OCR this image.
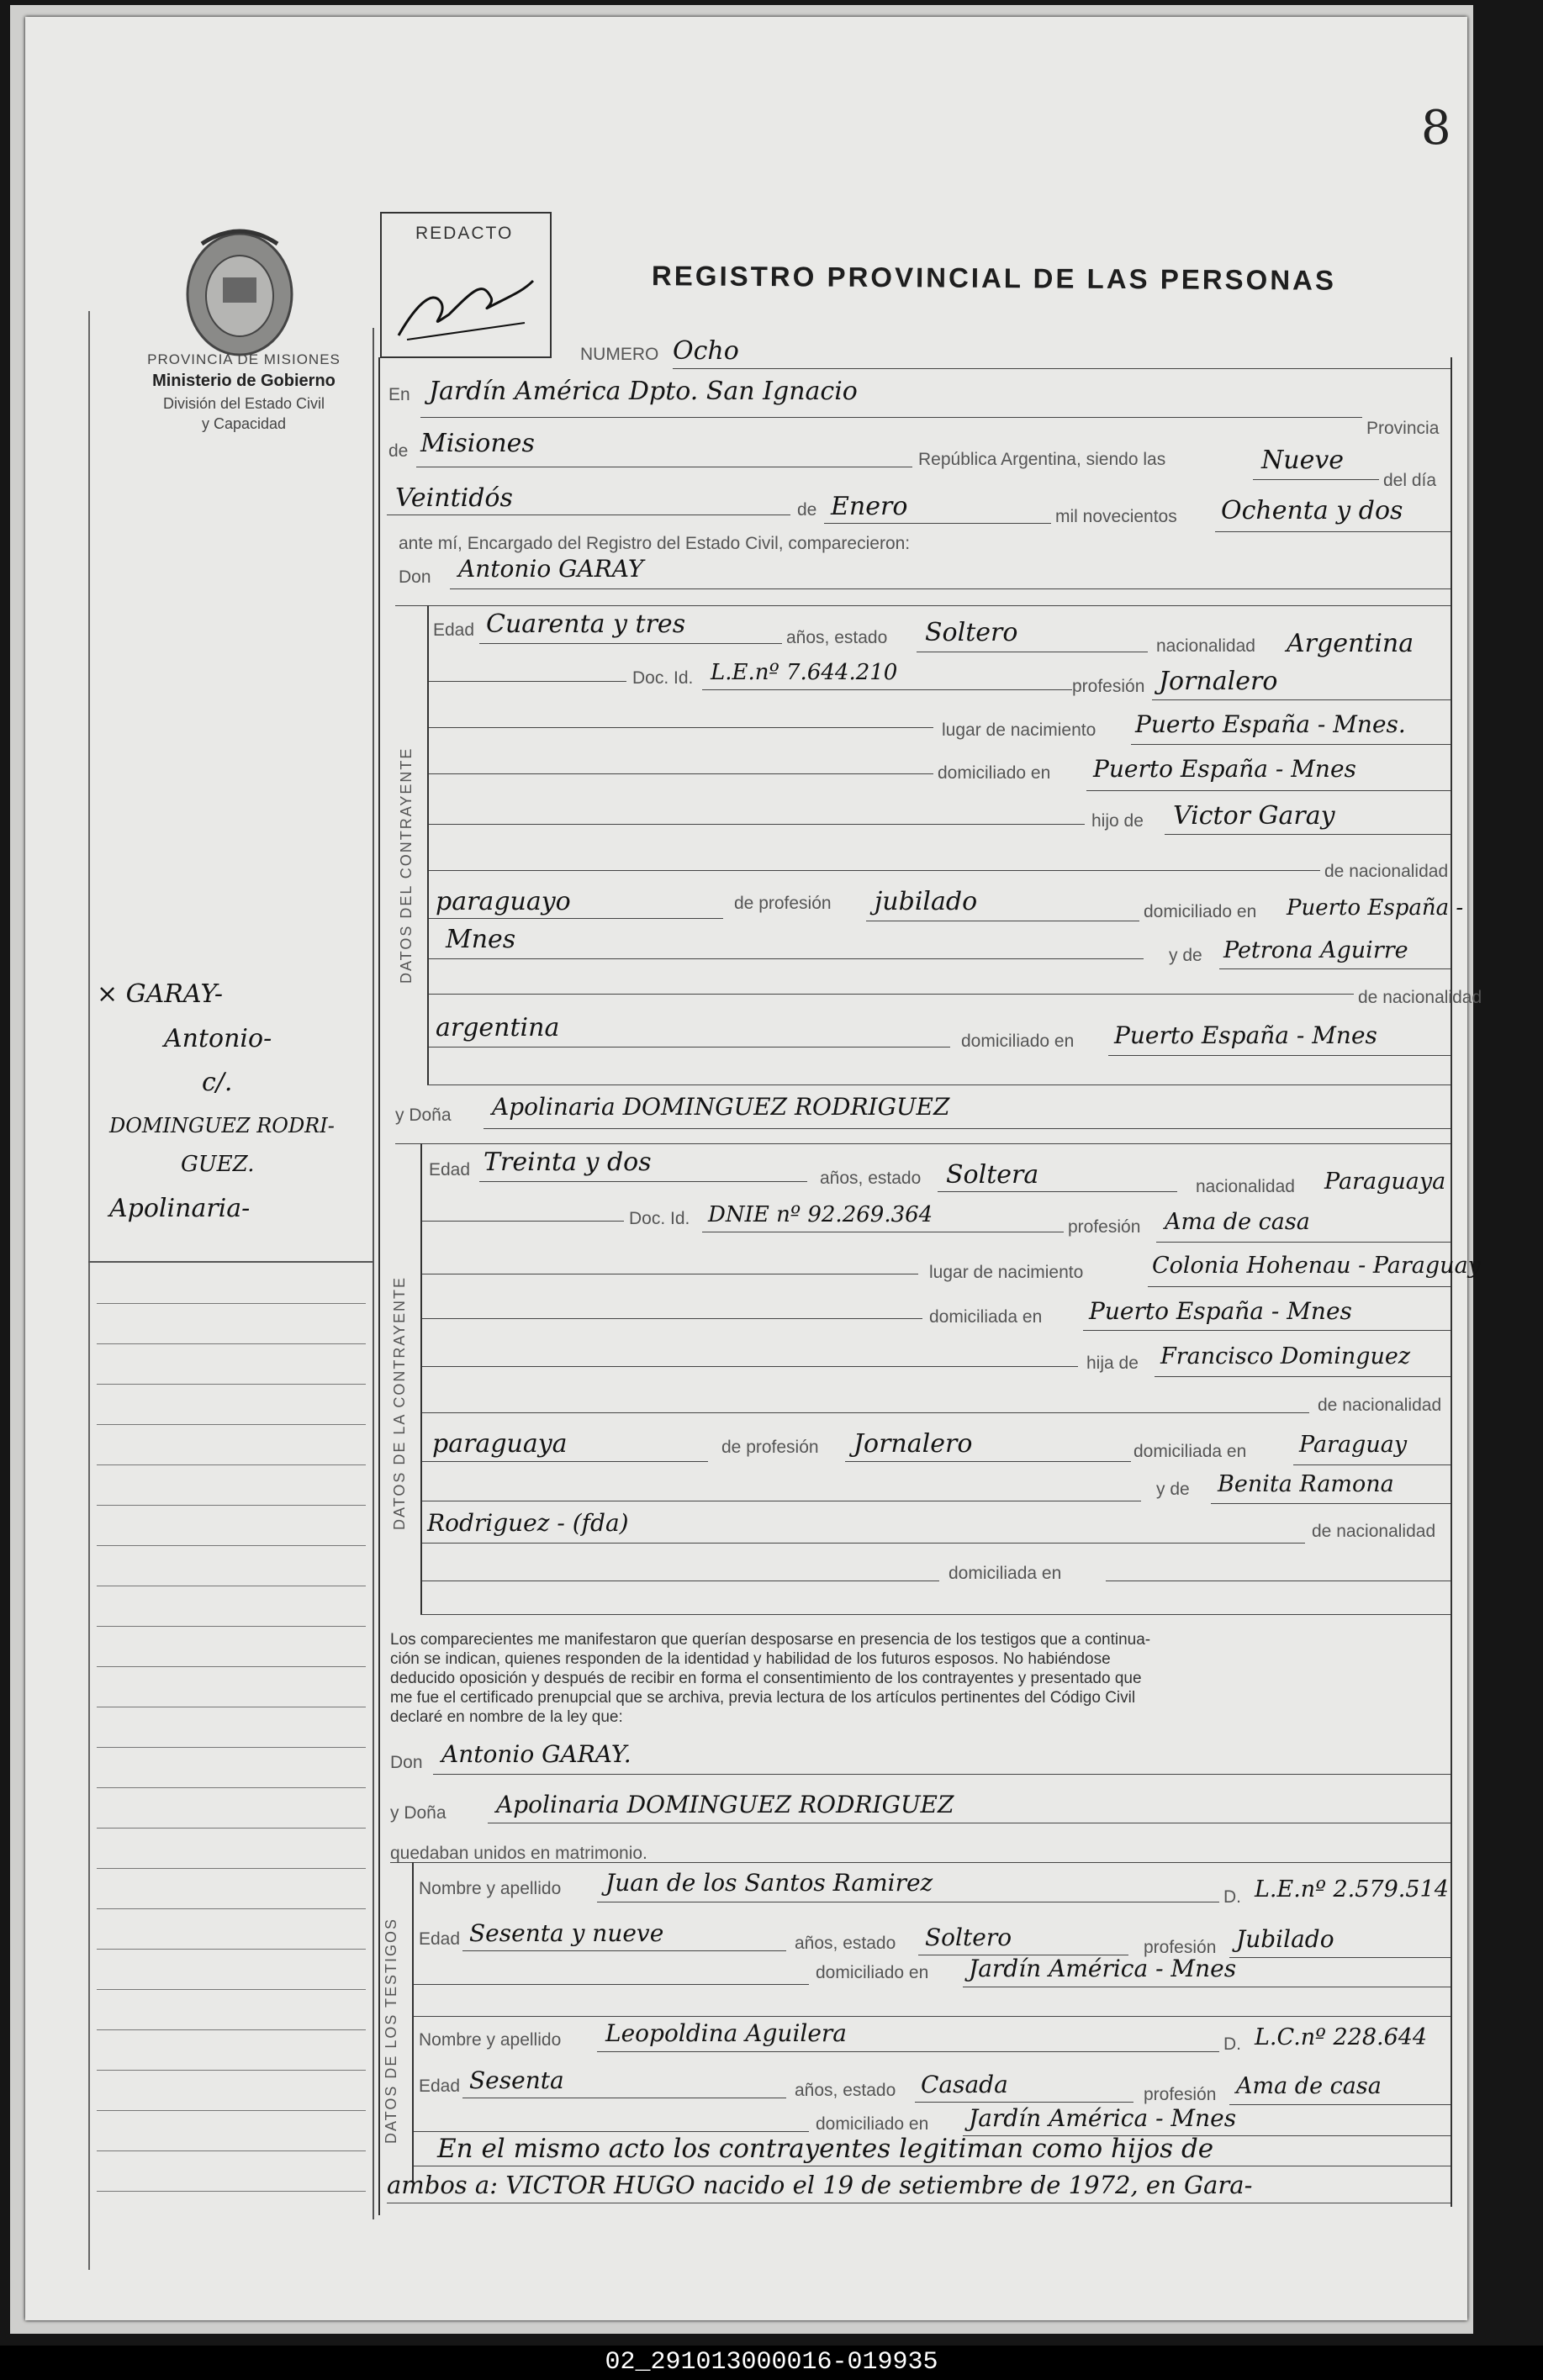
8
PROVINCIA DE MISIONES
Ministerio de Gobierno
División del Estado Civil
y Capacidad
× GARAY-
Antonio-
c/.
DOMINGUEZ RODRI-
GUEZ.
Apolinaria-
REDACTO
REGISTRO PROVINCIAL DE LAS PERSONAS
NUMERO Ocho
En Jardín América Dpto. San Ignacio
Provincia
de Misiones
República Argentina, siendo las	Nueve
del día
Veintidós	de Enero	mil novecientos Ochenta y dos
ante mí, Encargado del Registro del Estado Civil, comparecieron:
Don Antonio GARAY
DATOS DEL CONTRAYENTE
Edad Cuarenta y tres	años, estado Soltero	nacionalidad Argentina
Doc. Id. L.E.nº 7.644.210
profesión Jornalero
lugar de nacimiento Puerto España - Mnes.
domiciliado en Puerto España - Mnes
hijo de Victor Garay
de nacionalidad
paraguayo	de profesión jubilado	domiciliado en Puerto España -
Mnes
y de Petrona Aguirre
de nacionalidad
argentina	domiciliado en Puerto España - Mnes
y Doña Apolinaria DOMINGUEZ RODRIGUEZ
DATOS DE LA CONTRAYENTE
Edad Treinta y dos
años, estado Soltera	nacionalidad Paraguaya
Doc. Id. DNIE nº 92.269.364	profesión Ama de casa
lugar de nacimiento	Colonia Hohenau - Paraguay
domiciliada en Puerto España - Mnes
hija de Francisco Dominguez
de nacionalidad
paraguaya	de profesión Jornalero	domiciliada en Paraguay
y de Benita Ramona
Rodriguez - (fda)	de nacionalidad
domiciliada en
Los comparecientes me manifestaron que querían desposarse en presencia de los testigos que a continua-
ción se indican, quienes responden de la identidad y habilidad de los futuros esposos. No habiéndose
deducido oposición y después de recibir en forma el consentimiento de los contrayentes y presentado que
me fue el certificado prenupcial que se archiva, previa lectura de los artículos pertinentes del Código Civil
declaré en nombre de la ley que:
Don Antonio GARAY.
y Doña Apolinaria DOMINGUEZ RODRIGUEZ
quedaban unidos en matrimonio.
DATOS DE LOS TESTIGOS
Nombre y apellido Juan de los Santos Ramirez
D. L.E.nº 2.579.514
Edad Sesenta y nueve	años, estado Soltero	profesión Jubilado
domiciliado en Jardín América - Mnes
Nombre y apellido Leopoldina Aguilera	D. L.C.nº 228.644
Edad Sesenta	años, estado Casada	profesión Ama de casa
domiciliado en Jardín América - Mnes
En el mismo acto los contrayentes legitiman como hijos de
ambos a: VICTOR HUGO nacido el 19 de setiembre de 1972, en Gara-
02_291013000016-019935
